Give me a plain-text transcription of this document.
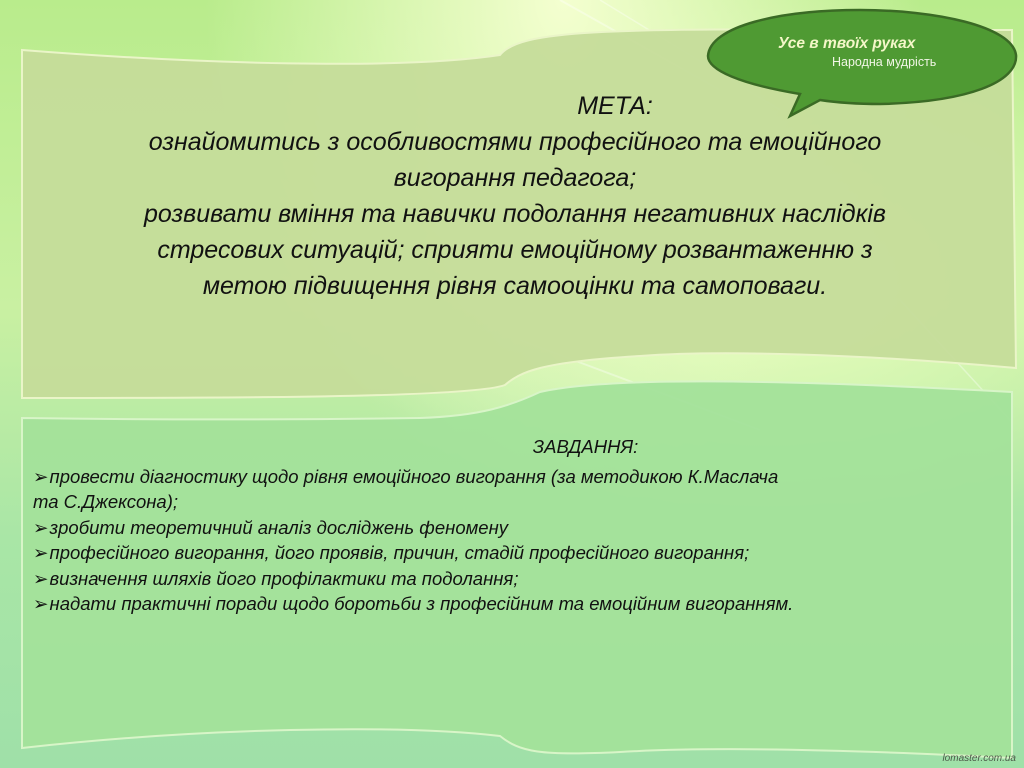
Усе в твоїх руках
Народна мудрість
МЕТА:
ознайомитись з особливостями професійного та емоційного
вигорання педагога;
розвивати вміння та навички подолання негативних наслідків
стресових ситуацій; сприяти емоційному розвантаженню з
метою підвищення рівня самооцінки та самоповаги.
ЗАВДАННЯ:
➢провести діагностику щодо рівня емоційного вигорання (за методикою К.Маслача
та С.Джексона);
➢зробити теоретичний аналіз досліджень феномену
➢професійного вигорання, його проявів, причин, стадій професійного вигорання;
➢визначення шляхів його профілактики та подолання;
➢надати практичні поради щодо боротьби з професійним та емоційним вигоранням.
lomaster.com.ua
